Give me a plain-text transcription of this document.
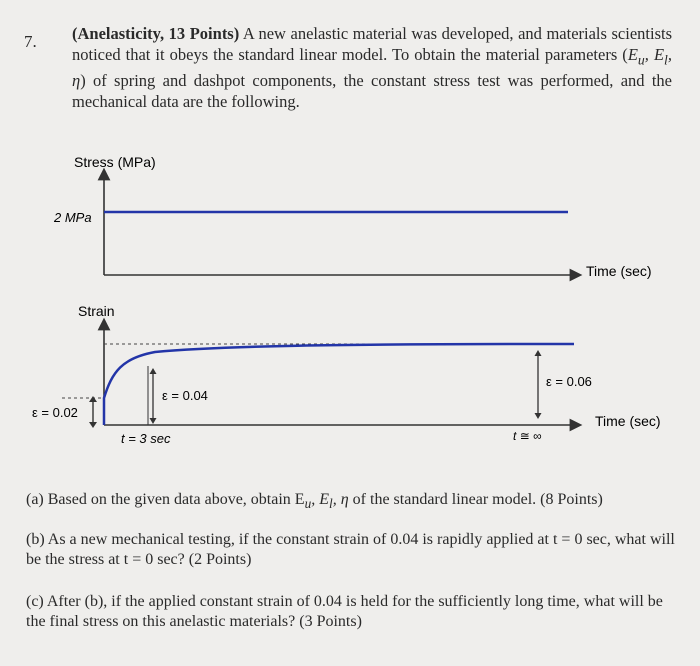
7. (Anelasticity, 13 Points) A new anelastic material was developed, and materials scientists noticed that it obeys the standard linear model. To obtain the material parameters ($E_u$, $E_l$, η) of spring and dashpot components, the constant stress test was performed, and the mechanical data are the following.
Stress (MPa)
Time (sec)
2 MPa
Strain
Time (sec)
ε = 0.02
ε = 0.04
t = 3 sec
ε = 0.06
t ≅ ∞
(a) Based on the given data above, obtain $E_u$, $E_l$, η of the standard linear model. (8 Points)
(b) As a new mechanical testing, if the constant strain of 0.04 is rapidly applied at t = 0 sec, what will be the stress at t = 0 sec? (2 Points)
(c) After (b), if the applied constant strain of 0.04 is held for the sufficiently long time, what will be the final stress on this anelastic materials? (3 Points)
